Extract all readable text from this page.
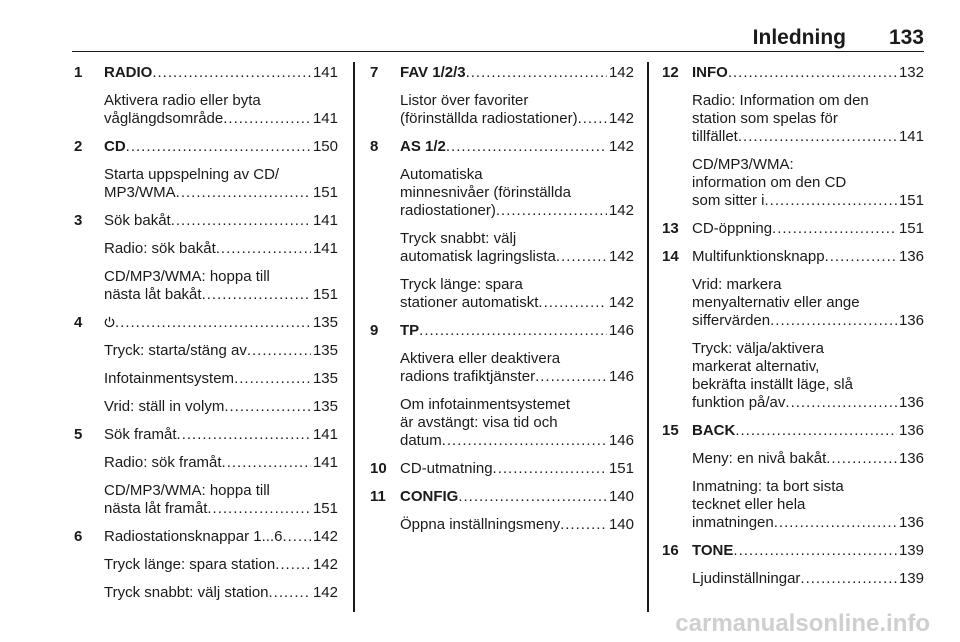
Inledning 133
1 RADIO .....	141
Aktivera radio eller byta
våglängdsområde .....	141
2 CD .....	150
Starta uppspelning av CD/
MP3/WMA .....	151
3 Sök bakåt .....	141
Radio: sök bakåt .....	141
CD/MP3/WMA: hoppa till
nästa låt bakåt .....	151
4 .....	135
Tryck: starta/stäng av .....	135
Infotainmentsystem .....	135
Vrid: ställ in volym .....	135
5 Sök framåt .....	141
Radio: sök framåt .....	141
CD/MP3/WMA: hoppa till
nästa låt framåt .....	151
6 Radiostationsknappar 1...6 ..... 142
Tryck länge: spara station .....	142
Tryck snabbt: välj station .....	142
7 FAV 1/2/3 .....	142
Listor över favoriter
(förinställda radiostationer) ..... 142
8 AS 1/2 .....	142
Automatiska
minnesnivåer (förinställda
radiostationer) .....	142
Tryck snabbt: välj
automatisk lagringslista .....	142
Tryck länge: spara
stationer automatiskt .....	142
9 TP .....	146
Aktivera eller deaktivera
radions trafiktjänster .....	146
Om infotainmentsystemet
är avstängt: visa tid och
datum .....	146
10 CD-utmatning .....	151
11 CONFIG .....	140
Öppna inställningsmeny .....	140
12 INFO .....	132
Radio: Information om den
station som spelas för
tillfället .....	141
CD/MP3/WMA:
information om den CD
som sitter i .....	151
13 CD-öppning .....	151
14 Multifunktionsknapp .....	136
Vrid: markera
menyalternativ eller ange
siffervärden .....	136
Tryck: välja/aktivera
markerat alternativ,
bekräfta inställt läge, slå
funktion på/av .....	136
15 BACK .....	136
Meny: en nivå bakåt .....	136
Inmatning: ta bort sista
tecknet eller hela
inmatningen .....	136
16 TONE .....	139
Ljudinställningar .....	139
carmanualsonline.info
